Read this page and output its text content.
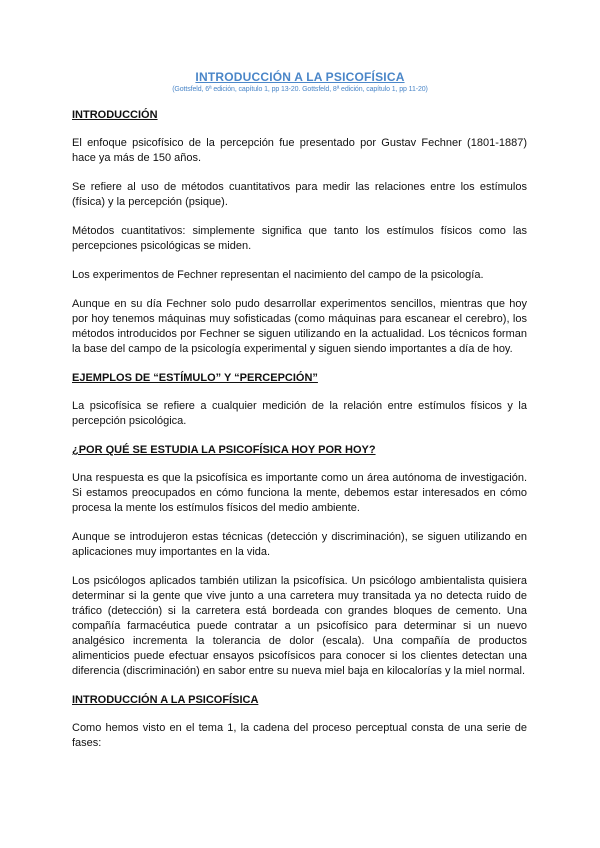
INTRODUCCIÓN A LA PSICOFÍSICA
(Gottsfeld, 6ª edición, capítulo 1, pp 13-20. Gottsfeld, 8ª edición, capítulo 1, pp 11-20)
INTRODUCCIÓN

El enfoque psicofísico de la percepción fue presentado por Gustav Fechner (1801-1887) hace ya más de 150 años.

Se refiere al uso de métodos cuantitativos para medir las relaciones entre los estímulos (física) y la percepción (psique).

Métodos cuantitativos: simplemente significa que tanto los estímulos físicos como las percepciones psicológicas se miden.

Los experimentos de Fechner representan el nacimiento del campo de la psicología.

Aunque en su día Fechner solo pudo desarrollar experimentos sencillos, mientras que hoy por hoy tenemos máquinas muy sofisticadas (como máquinas para escanear el cerebro), los métodos introducidos por Fechner se siguen utilizando en la actualidad. Los técnicos forman la base del campo de la psicología experimental y siguen siendo importantes a día de hoy.

EJEMPLOS DE “ESTÍMULO” Y “PERCEPCIÓN”

La psicofísica se refiere a cualquier medición de la relación entre estímulos físicos y la percepción psicológica.

¿POR QUÉ SE ESTUDIA LA PSICOFÍSICA HOY POR HOY?

Una respuesta es que la psicofísica es importante como un área autónoma de investigación. Si estamos preocupados en cómo funciona la mente, debemos estar interesados en cómo procesa la mente los estímulos físicos del medio ambiente.

Aunque se introdujeron estas técnicas (detección y discriminación), se siguen utilizando en aplicaciones muy importantes en la vida.

Los psicólogos aplicados también utilizan la psicofísica. Un psicólogo ambientalista quisiera determinar si la gente que vive junto a una carretera muy transitada ya no detecta ruido de tráfico (detección) si la carretera está bordeada con grandes bloques de cemento. Una compañía farmacéutica puede contratar a un psicofísico para determinar si un nuevo analgésico incrementa la tolerancia de dolor (escala). Una compañía de productos alimenticios puede efectuar ensayos psicofísicos para conocer si los clientes detectan una diferencia (discriminación) en sabor entre su nueva miel baja en kilocalorías y la miel normal.

INTRODUCCIÓN A LA PSICOFÍSICA

Como hemos visto en el tema 1, la cadena del proceso perceptual consta de una serie de fases:
